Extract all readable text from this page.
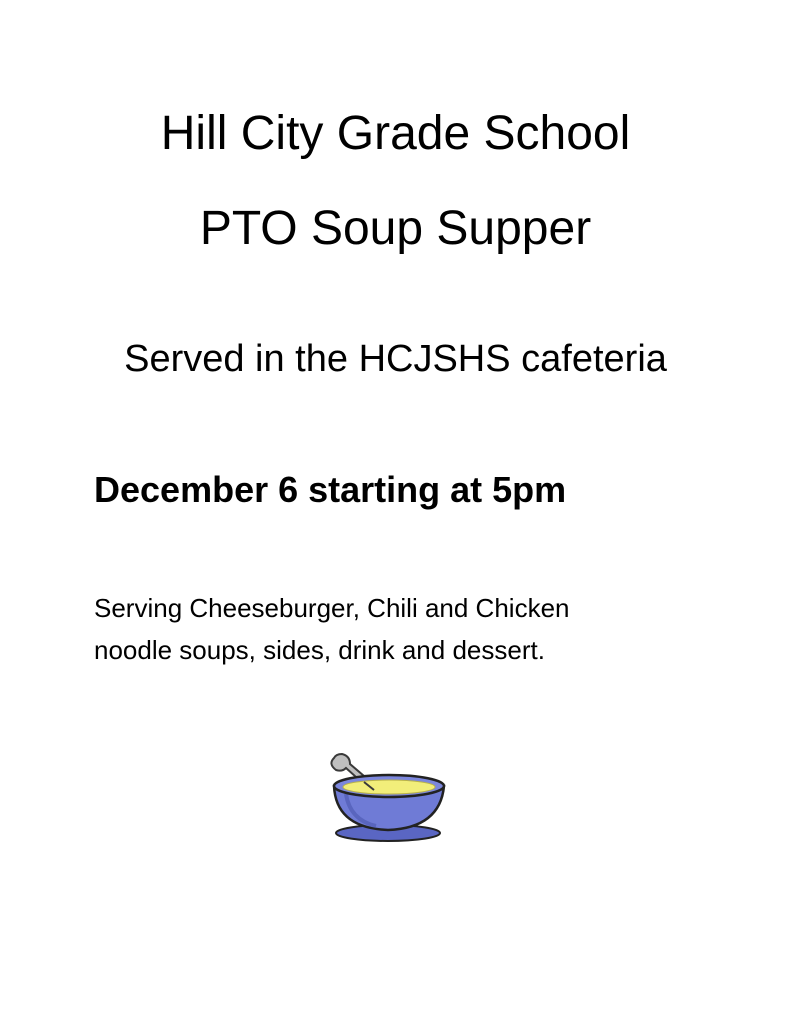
Hill City Grade School
PTO Soup Supper
Served in the HCJSHS cafeteria
December 6 starting at 5pm
Serving Cheeseburger, Chili and Chicken
noodle soups, sides, drink and dessert.
